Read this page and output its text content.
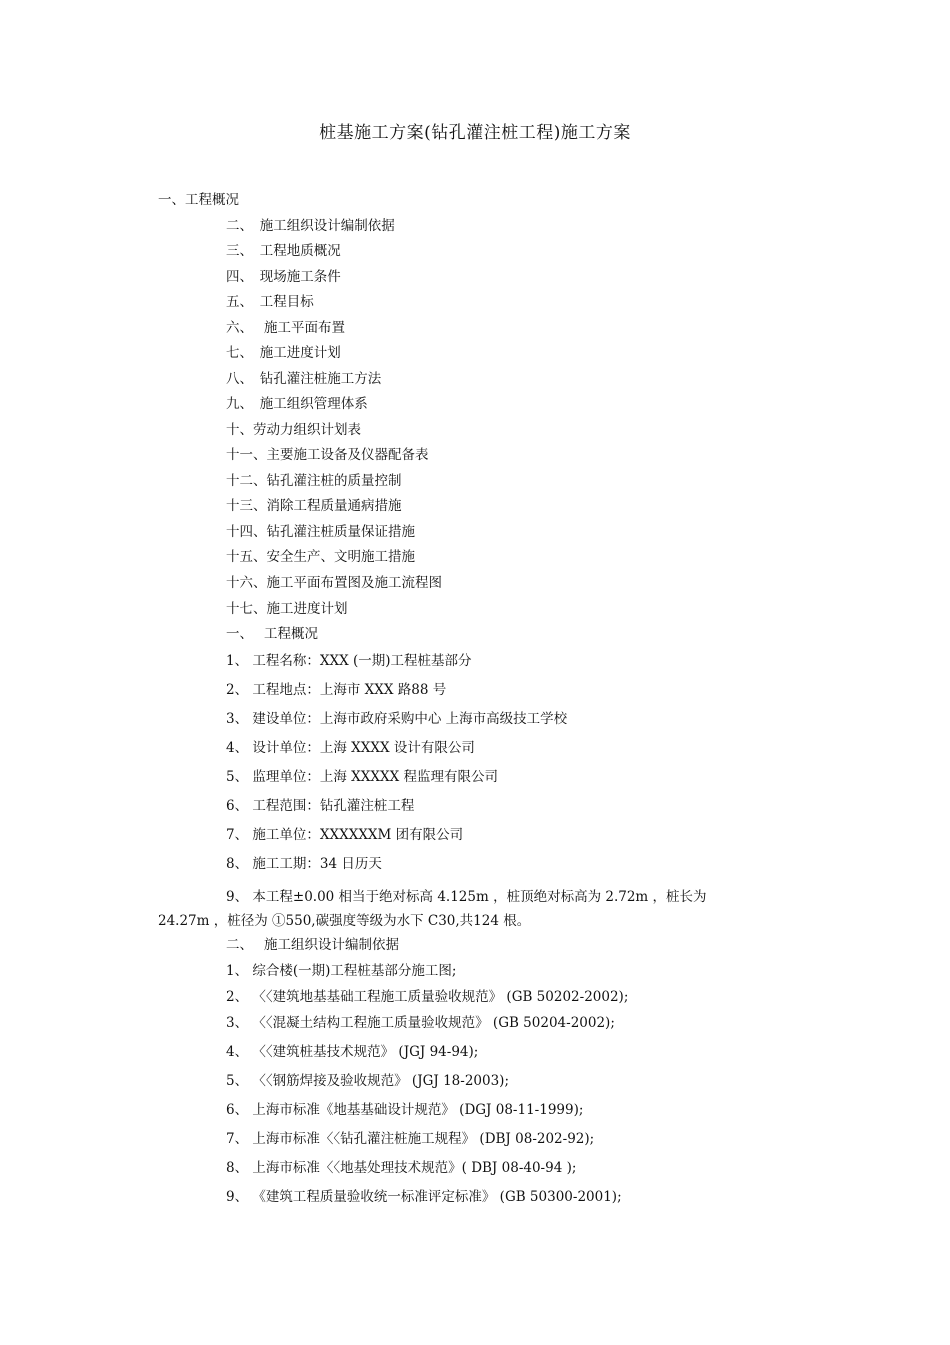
桩基施工方案(钻孔灌注桩工程)施工方案
一、工程概况
二、　施工组织设计编制依据
三、　工程地质概况
四、　现场施工条件
五、　工程目标
六、　 施工平面布置
七、　施工进度计划
八、　钻孔灌注桩施工方法
九、　施工组织管理体系
十、劳动力组织计划表
十一、主要施工设备及仪器配备表
十二、钻孔灌注桩的质量控制
十三、消除工程质量通病措施
十四、钻孔灌注桩质量保证措施
十五、安全生产、文明施工措施
十六、施工平面布置图及施工流程图
十七、施工进度计划
一、　 工程概况
1、 工程名称：XXX (一期)工程桩基部分
2、 工程地点：上海市 XXX 路88 号
3、 建设单位：上海市政府采购中心 上海市高级技工学校
4、 设计单位：上海 XXXX 设计有限公司
5、 监理单位：上海 XXXXX 程监理有限公司
6、 工程范围：钻孔灌注桩工程
7、 施工单位：XXXXXXM 团有限公司
8、 施工工期：34 日历天
9、 本工程±0.00 相当于绝对标高 4.125m ，桩顶绝对标高为 2.72m ，桩长为
24.27m ，桩径为 ①550,碳强度等级为水下 C30,共124 根。
二、　 施工组织设计编制依据
1、 综合楼(一期)工程桩基部分施工图;
2、 〈〈建筑地基基础工程施工质量验收规范》 (GB 50202-2002);
3、 〈〈混凝土结构工程施工质量验收规范》 (GB 50204-2002);
4、 〈〈建筑桩基技术规范》 (JGJ 94-94);
5、 〈〈钢筋焊接及验收规范》 (JGJ 18-2003);
6、 上海市标准《地基基础设计规范》 (DGJ 08-11-1999);
7、 上海市标准〈〈钻孔灌注桩施工规程》 (DBJ 08-202-92);
8、 上海市标准〈〈地基处理技术规范》( DBJ 08-40-94 );
9、 《建筑工程质量验收统一标准评定标准》 (GB 50300-2001);
